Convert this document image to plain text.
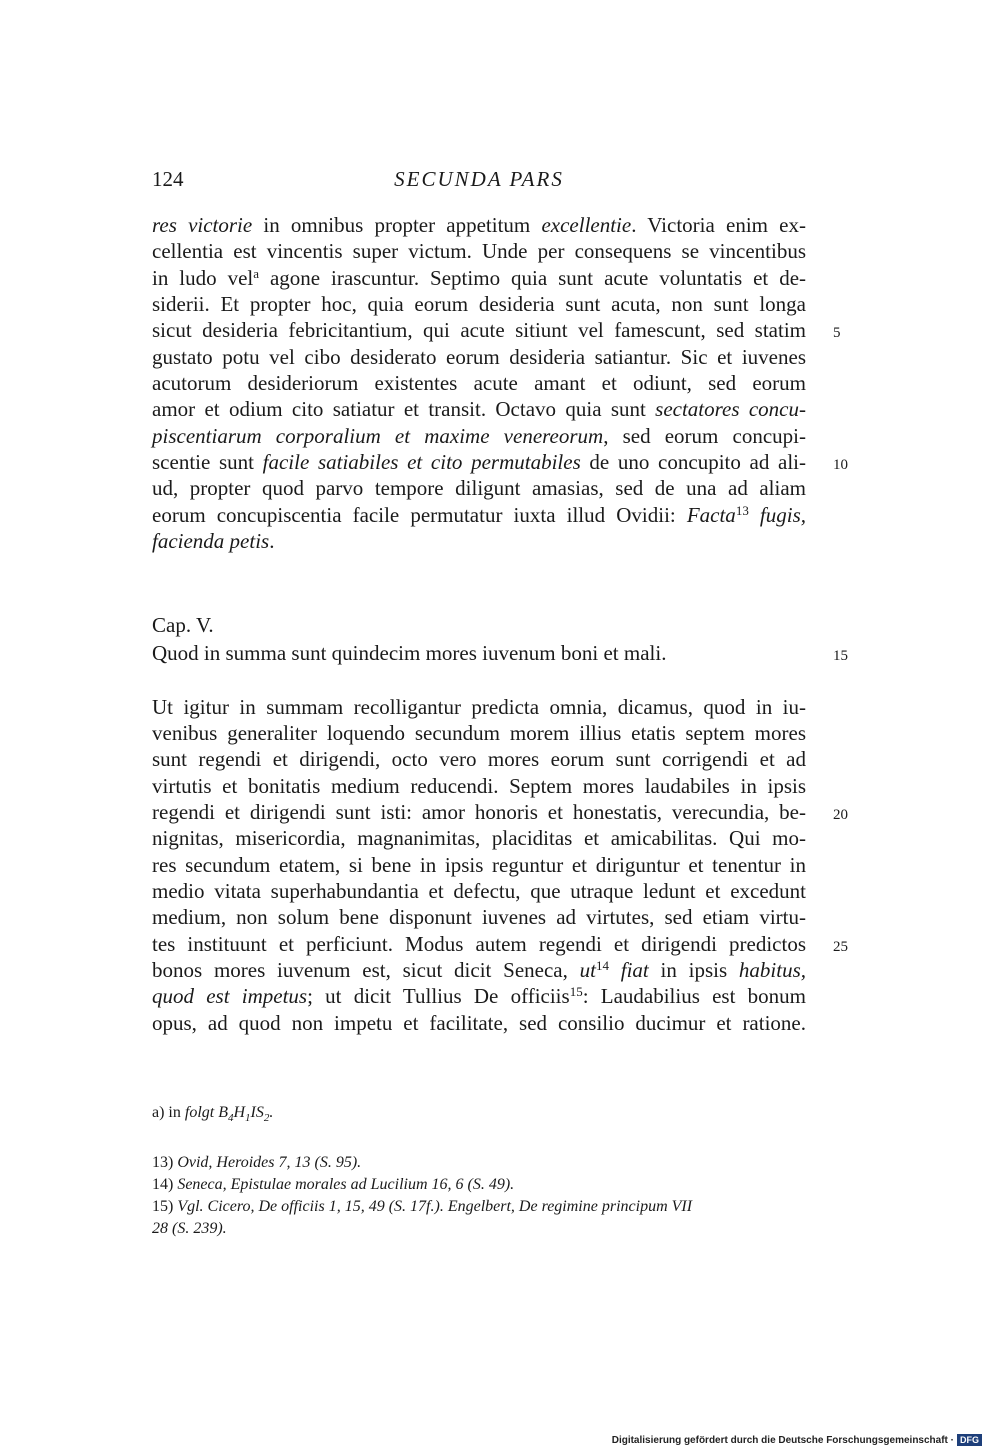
124	SECUNDA PARS
res victorie in omnibus propter appetitum excellentie. Victoria enim ex-
cellentia est vincentis super victum. Unde per consequens se vincentibus
in ludo vel$^a$ agone irascuntur. Septimo quia sunt acute voluntatis et de-
siderii. Et propter hoc, quia eorum desideria sunt acuta, non sunt longa
sicut desideria febricitantium, qui acute sitiunt vel famescunt, sed statim
gustato potu vel cibo desiderato eorum desideria satiantur. Sic et iuvenes
acutorum desideriorum existentes acute amant et odiunt, sed eorum
amor et odium cito satiatur et transit. Octavo quia sunt sectatores concu-
piscentiarum corporalium et maxime venereorum, sed eorum concupi-
scentie sunt facile satiabiles et cito permutabiles de uno concupito ad ali-
ud, propter quod parvo tempore diligunt amasias, sed de una ad aliam
eorum concupiscentia facile permutatur iuxta illud Ovidii: Facta$^{13}$ fugis,
facienda petis.
Cap. V.
Quod in summa sunt quindecim mores iuvenum boni et mali.
Ut igitur in summam recolligantur predicta omnia, dicamus, quod in iu-
venibus generaliter loquendo secundum morem illius etatis septem mores
sunt regendi et dirigendi, octo vero mores eorum sunt corrigendi et ad
virtutis et bonitatis medium reducendi. Septem mores laudabiles in ipsis
regendi et dirigendi sunt isti: amor honoris et honestatis, verecundia, be-
nignitas, misericordia, magnanimitas, placiditas et amicabilitas. Qui mo-
res secundum etatem, si bene in ipsis reguntur et diriguntur et tenentur in
medio vitata superhabundantia et defectu, que utraque ledunt et excedunt
medium, non solum bene disponunt iuvenes ad virtutes, sed etiam virtu-
tes instituunt et perficiunt. Modus autem regendi et dirigendi predictos
bonos mores iuvenum est, sicut dicit Seneca, $ut^{14}$ fiat in ipsis habitus,
quod est impetus; ut dicit Tullius De officiis$^{15}$: Laudabilius est bonum
opus, ad quod non impetu et facilitate, sed consilio ducimur et ratione.
5
10
15
20
25
a) in folgt $B_4H_1IS_2$.
13) Ovid, Heroides 7, 13 (S. 95).
14) Seneca, Epistulae morales ad Lucilium 16, 6 (S. 49).
15) Vgl. Cicero, De officiis 1, 15, 49 (S. 17f.). Engelbert, De regimine principum VII
28 (S. 239).
Digitalisierung gefördert durch die Deutsche Forschungsgemeinschaft · DFG
